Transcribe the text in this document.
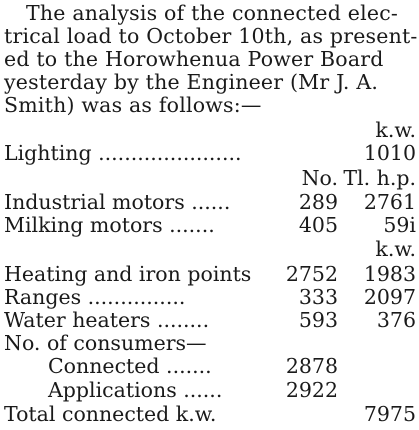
The analysis of the connected elec-
trical load to October 10th, as present-
ed to the Horowhenua Power Board
yesterday by the Engineer (Mr J. A.
Smith) was as follows:—
k.w.
Lighting ......................	1010
No. Tl. h.p.
Industrial motors ......	289 2761
Milking motors .......	405 59i
k.w.
Heating and iron points 2752 1983
Ranges ...............	333 2097
Water heaters ........	593 376
No. of consumers—
Connected .......	2878
Applications ......	2922
Total connected k.w.	7975
